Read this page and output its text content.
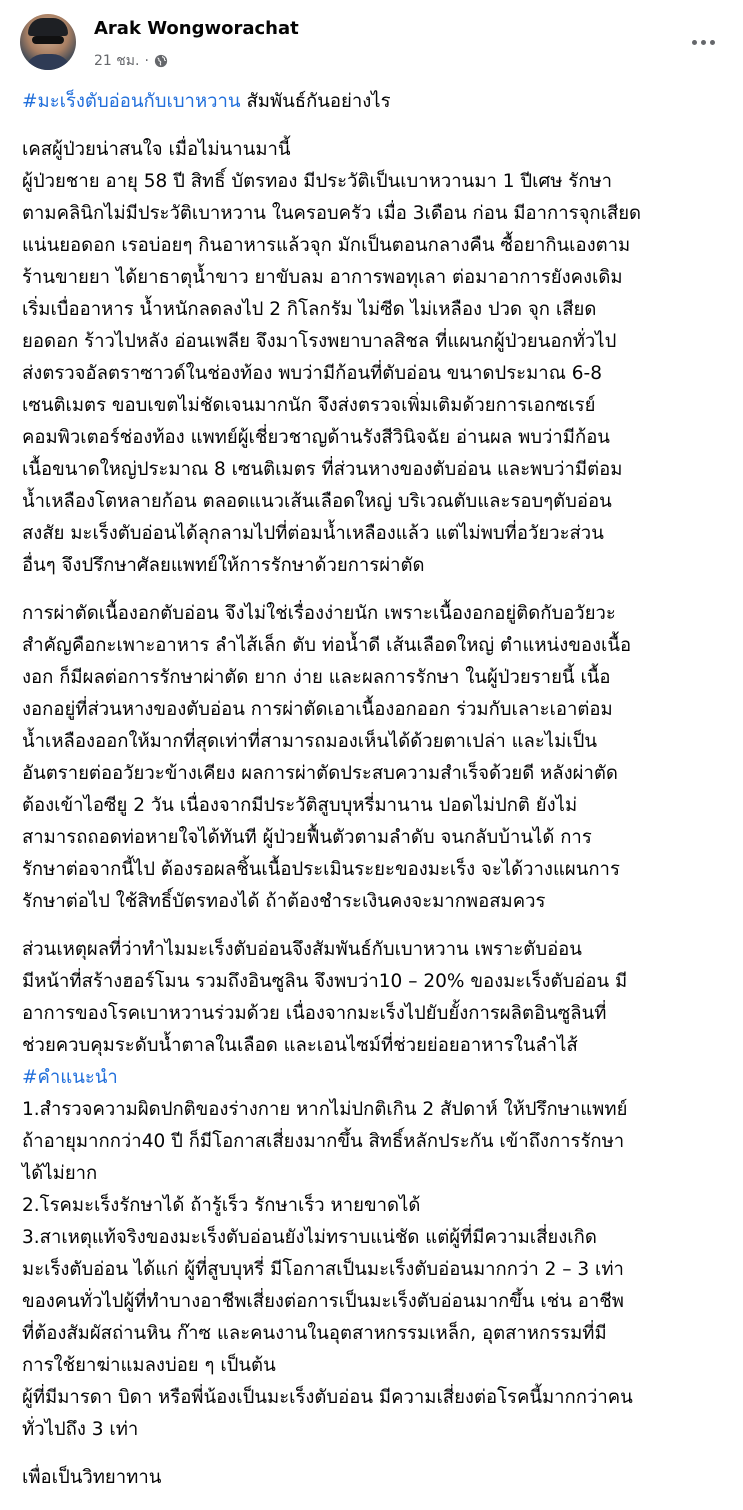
Arak Wongworachat
21 ชม. ·

#มะเร็งตับอ่อนกับเบาหวาน สัมพันธ์กันอย่างไร

เคสผู้ป่วยน่าสนใจ เมื่อไม่นานมานี้
ผู้ป่วยชาย อายุ 58 ปี สิทธิ์ บัตรทอง มีประวัติเป็นเบาหวานมา 1 ปีเศษ รักษา
ตามคลินิกไม่มีประวัติเบาหวาน ในครอบครัว เมื่อ 3เดือน ก่อน มีอาการจุกเสียด
แน่นยอดอก เรอบ่อยๆ กินอาหารแล้วจุก มักเป็นตอนกลางคืน ซื้อยากินเองตาม
ร้านขายยา ได้ยาธาตุน้ำขาว ยาขับลม อาการพอทุเลา ต่อมาอาการยังคงเดิม
เริ่มเบื่ออาหาร น้ำหนักลดลงไป 2 กิโลกรัม ไม่ซีด ไม่เหลือง ปวด จุก เสียด
ยอดอก ร้าวไปหลัง อ่อนเพลีย จึงมาโรงพยาบาลสิชล ที่แผนกผู้ป่วยนอกทั่วไป
ส่งตรวจอัลตราซาวด์ในช่องท้อง พบว่ามีก้อนที่ตับอ่อน ขนาดประมาณ 6-8
เซนติเมตร ขอบเขตไม่ชัดเจนมากนัก จึงส่งตรวจเพิ่มเติมด้วยการเอกซเรย์
คอมพิวเตอร์ช่องท้อง แพทย์ผู้เชี่ยวชาญด้านรังสีวินิจฉัย อ่านผล พบว่ามีก้อน
เนื้อขนาดใหญ่ประมาณ 8 เซนติเมตร ที่ส่วนหางของตับอ่อน และพบว่ามีต่อม
น้ำเหลืองโตหลายก้อน ตลอดแนวเส้นเลือดใหญ่ บริเวณตับและรอบๆตับอ่อน
สงสัย มะเร็งตับอ่อนได้ลุกลามไปที่ต่อมน้ำเหลืองแล้ว แต่ไม่พบที่อวัยวะส่วน
อื่นๆ จึงปรึกษาศัลยแพทย์ให้การรักษาด้วยการผ่าตัด

การผ่าตัดเนื้องอกตับอ่อน จึงไม่ใช่เรื่องง่ายนัก เพราะเนื้องอกอยู่ติดกับอวัยวะ
สำคัญคือกะเพาะอาหาร ลำไส้เล็ก ตับ ท่อน้ำดี เส้นเลือดใหญ่ ตำแหน่งของเนื้อ
งอก ก็มีผลต่อการรักษาผ่าตัด ยาก ง่าย และผลการรักษา ในผู้ป่วยรายนี้ เนื้อ
งอกอยู่ที่ส่วนหางของตับอ่อน การผ่าตัดเอาเนื้องอกออก ร่วมกับเลาะเอาต่อม
น้ำเหลืองออกให้มากที่สุดเท่าที่สามารถมองเห็นได้ด้วยตาเปล่า และไม่เป็น
อันตรายต่ออวัยวะข้างเคียง ผลการผ่าตัดประสบความสำเร็จด้วยดี หลังผ่าตัด
ต้องเข้าไอซียู 2 วัน เนื่องจากมีประวัติสูบบุหรี่มานาน ปอดไม่ปกติ ยังไม่
สามารถถอดท่อหายใจได้ทันที ผู้ป่วยฟื้นตัวตามลำดับ จนกลับบ้านได้ การ
รักษาต่อจากนี้ไป ต้องรอผลชิ้นเนื้อประเมินระยะของมะเร็ง จะได้วางแผนการ
รักษาต่อไป ใช้สิทธิ์บัตรทองได้ ถ้าต้องชำระเงินคงจะมากพอสมควร

ส่วนเหตุผลที่ว่าทำไมมะเร็งตับอ่อนจึงสัมพันธ์กับเบาหวาน เพราะตับอ่อน
มีหน้าที่สร้างฮอร์โมน รวมถึงอินซูลิน จึงพบว่า10 – 20% ของมะเร็งตับอ่อน มี
อาการของโรคเบาหวานร่วมด้วย เนื่องจากมะเร็งไปยับยั้งการผลิตอินซูลินที่
ช่วยควบคุมระดับน้ำตาลในเลือด และเอนไซม์ที่ช่วยย่อยอาหารในลำไส้

#คำแนะนำ

1.สำรวจความผิดปกติของร่างกาย หากไม่ปกติเกิน 2 สัปดาห์ ให้ปรึกษาแพทย์
ถ้าอายุมากกว่า40 ปี ก็มีโอกาสเสี่ยงมากขึ้น สิทธิ์หลักประกัน เข้าถึงการรักษา
ได้ไม่ยาก
2.โรคมะเร็งรักษาได้ ถ้ารู้เร็ว รักษาเร็ว หายขาดได้
3.สาเหตุแท้จริงของมะเร็งตับอ่อนยังไม่ทราบแน่ชัด แต่ผู้ที่มีความเสี่ยงเกิด
มะเร็งตับอ่อน ได้แก่ ผู้ที่สูบบุหรี่ มีโอกาสเป็นมะเร็งตับอ่อนมากกว่า 2 – 3 เท่า
ของคนทั่วไปผู้ที่ทำบางอาชีพเสี่ยงต่อการเป็นมะเร็งตับอ่อนมากขึ้น เช่น อาชีพ
ที่ต้องสัมผัสถ่านหิน ก๊าซ และคนงานในอุตสาหกรรมเหล็ก, อุตสาหกรรมที่มี
การใช้ยาฆ่าแมลงบ่อย ๆ เป็นต้น
ผู้ที่มีมารดา บิดา หรือพี่น้องเป็นมะเร็งตับอ่อน มีความเสี่ยงต่อโรคนี้มากกว่าคน
ทั่วไปถึง 3 เท่า

เพื่อเป็นวิทยาทาน
